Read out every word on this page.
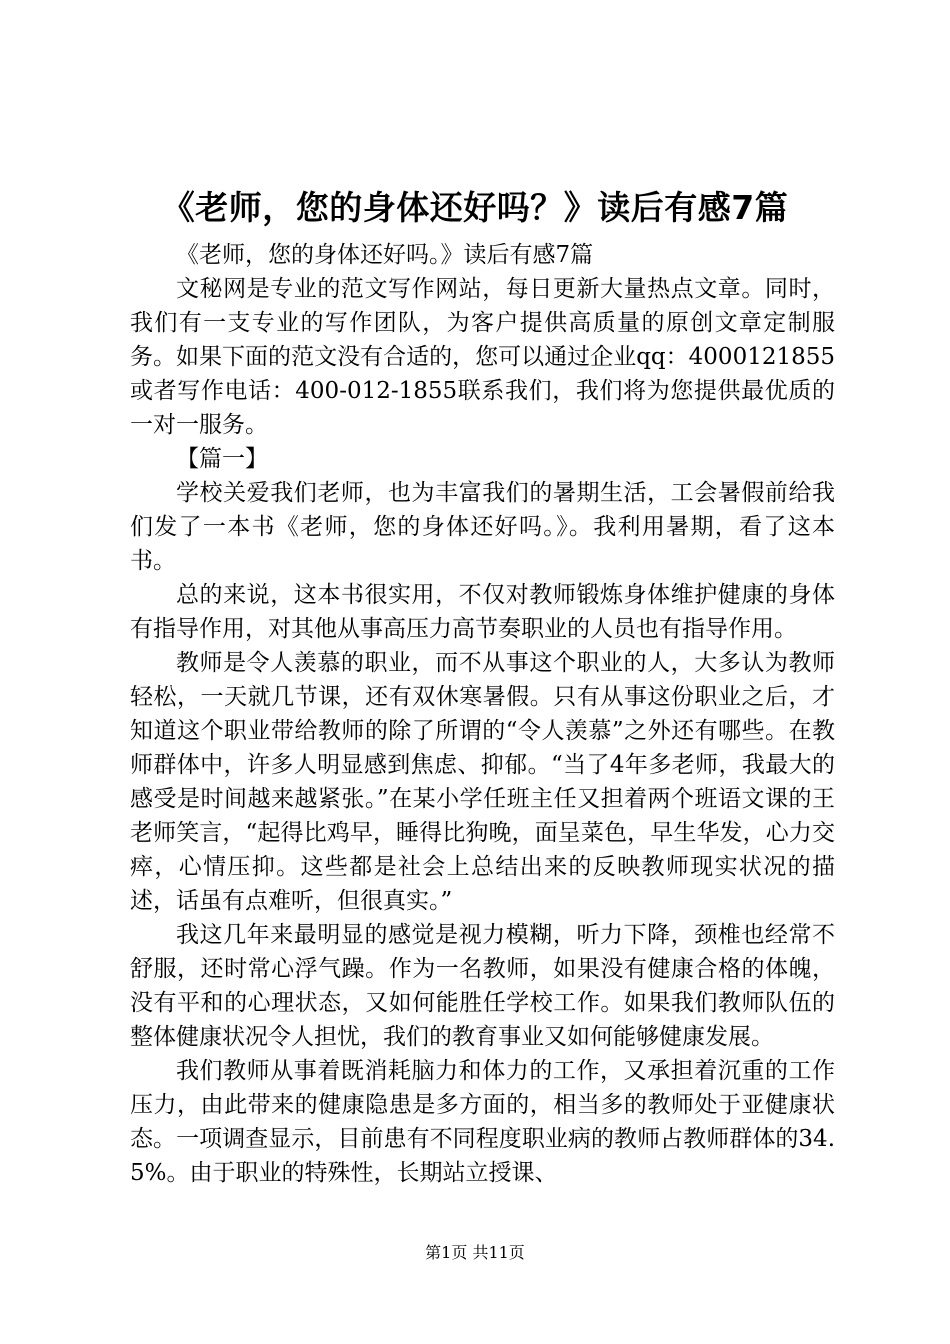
《老师，您的身体还好吗？》读后有感7篇

《老师，您的身体还好吗。》读后有感7篇

文秘网是专业的范文写作网站，每日更新大量热点文章。同时，我们有一支专业的写作团队，为客户提供高质量的原创文章定制服务。如果下面的范文没有合适的，您可以通过企业qq：4000121855或者写作电话：400-012-1855联系我们，我们将为您提供最优质的一对一服务。

【篇一】

学校关爱我们老师，也为丰富我们的暑期生活，工会暑假前给我们发了一本书《老师，您的身体还好吗。》。我利用暑期，看了这本书。

总的来说，这本书很实用，不仅对教师锻炼身体维护健康的身体有指导作用，对其他从事高压力高节奏职业的人员也有指导作用。

教师是令人羡慕的职业，而不从事这个职业的人，大多认为教师轻松，一天就几节课，还有双休寒暑假。只有从事这份职业之后，才知道这个职业带给教师的除了所谓的“令人羡慕”之外还有哪些。在教师群体中，许多人明显感到焦虑、抑郁。“当了4年多老师，我最大的感受是时间越来越紧张。”在某小学任班主任又担着两个班语文课的王老师笑言，“起得比鸡早，睡得比狗晚，面呈菜色，早生华发，心力交瘁，心情压抑。这些都是社会上总结出来的反映教师现实状况的描述，话虽有点难听，但很真实。”

我这几年来最明显的感觉是视力模糊，听力下降，颈椎也经常不舒服，还时常心浮气躁。作为一名教师，如果没有健康合格的体魄，没有平和的心理状态，又如何能胜任学校工作。如果我们教师队伍的整体健康状况令人担忧，我们的教育事业又如何能够健康发展。

我们教师从事着既消耗脑力和体力的工作，又承担着沉重的工作压力，由此带来的健康隐患是多方面的，相当多的教师处于亚健康状态。一项调查显示，目前患有不同程度职业病的教师占教师群体的34.5%。由于职业的特殊性，长期站立授课、

第1页 共11页
